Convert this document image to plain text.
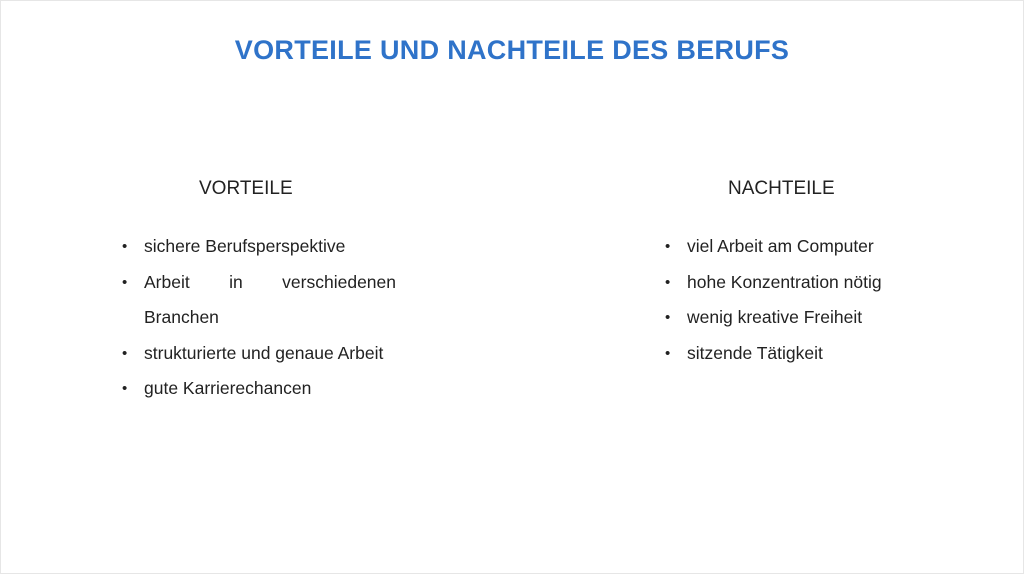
VORTEILE UND NACHTEILE DES BERUFS
VORTEILE
• sichere Berufsperspektive
• Arbeit in verschiedenen Branchen
• strukturierte und genaue Arbeit
• gute Karrierechancen
NACHTEILE
• viel Arbeit am Computer
• hohe Konzentration nötig
• wenig kreative Freiheit
• sitzende Tätigkeit
